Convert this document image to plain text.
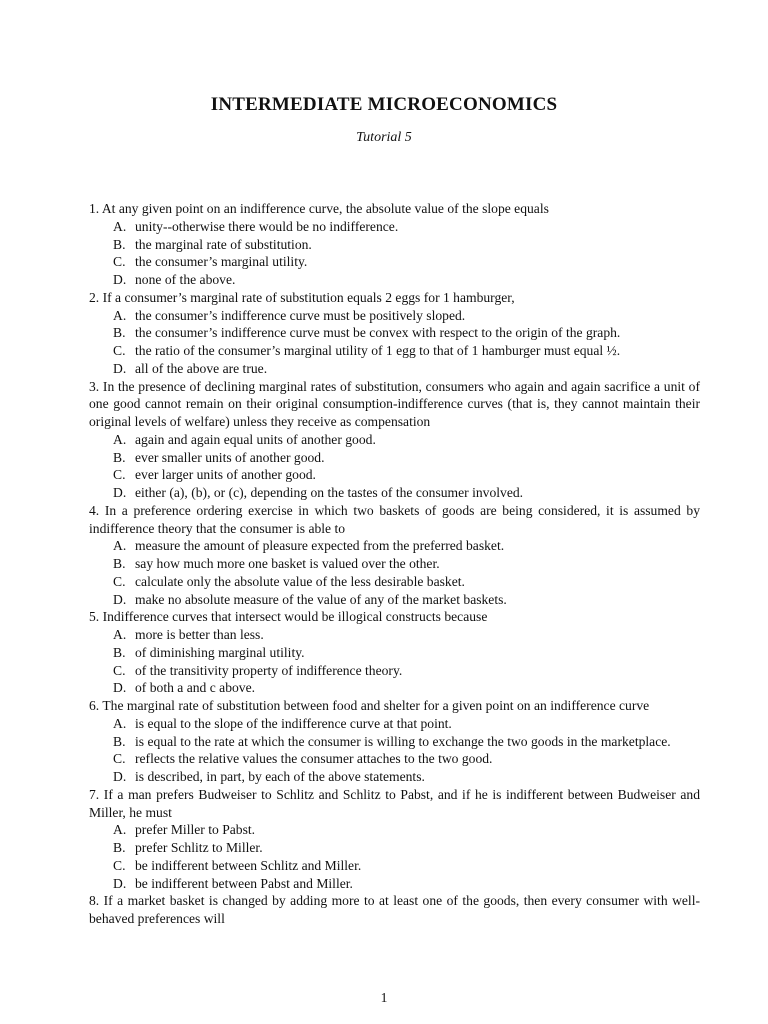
INTERMEDIATE MICROECONOMICS
Tutorial 5

1. At any given point on an indifference curve, the absolute value of the slope equals

A. unity--otherwise there would be no indifference.
B. the marginal rate of substitution.
C. the consumer’s marginal utility.
D. none of the above.

2. If a consumer’s marginal rate of substitution equals 2 eggs for 1 hamburger,

A. the consumer’s indifference curve must be positively sloped.
B. the consumer’s indifference curve must be convex with respect to the origin of the graph.
C. the ratio of the consumer’s marginal utility of 1 egg to that of 1 hamburger must equal ½.
D. all of the above are true.

3. In the presence of declining marginal rates of substitution, consumers who again and again sacrifice a unit of one good cannot remain on their original consumption-indifference curves (that is, they cannot maintain their original levels of welfare) unless they receive as compensation

A. again and again equal units of another good.
B. ever smaller units of another good.
C. ever larger units of another good.
D. either (a), (b), or (c), depending on the tastes of the consumer involved.

4. In a preference ordering exercise in which two baskets of goods are being considered, it is assumed by indifference theory that the consumer is able to

A. measure the amount of pleasure expected from the preferred basket.
B. say how much more one basket is valued over the other.
C. calculate only the absolute value of the less desirable basket.
D. make no absolute measure of the value of any of the market baskets.

5. Indifference curves that intersect would be illogical constructs because

A. more is better than less.
B. of diminishing marginal utility.
C. of the transitivity property of indifference theory.
D. of both a and c above.

6. The marginal rate of substitution between food and shelter for a given point on an indifference curve

A. is equal to the slope of the indifference curve at that point.
B. is equal to the rate at which the consumer is willing to exchange the two goods in the marketplace.
C. reflects the relative values the consumer attaches to the two good.
D. is described, in part, by each of the above statements.

7. If a man prefers Budweiser to Schlitz and Schlitz to Pabst, and if he is indifferent between Budweiser and Miller, he must

A. prefer Miller to Pabst.
B. prefer Schlitz to Miller.
C. be indifferent between Schlitz and Miller.
D. be indifferent between Pabst and Miller.

8. If a market basket is changed by adding more to at least one of the goods, then every consumer with well-behaved preferences will

1
